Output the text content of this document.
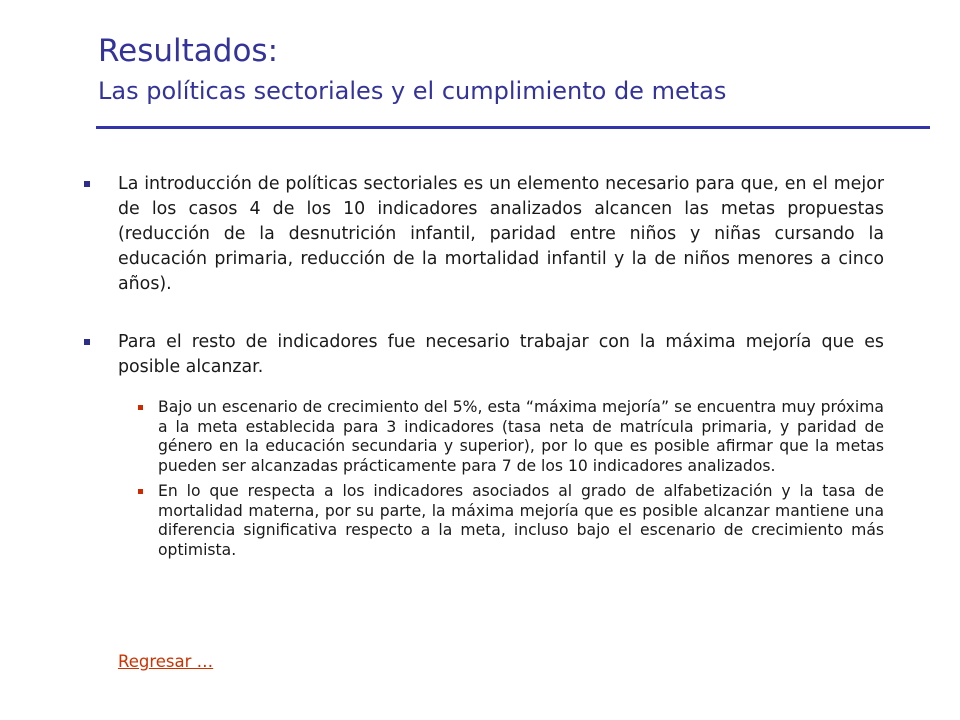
Resultados:
Las políticas sectoriales y el cumplimiento de metas

La introducción de políticas sectoriales es un elemento necesario para que, en el mejor de los casos 4 de los 10 indicadores analizados alcancen las metas propuestas (reducción de la desnutrición infantil, paridad entre niños y niñas cursando la educación primaria, reducción de la mortalidad infantil y la de niños menores a cinco años).

Para el resto de indicadores fue necesario trabajar con la máxima mejoría que es posible alcanzar.

Bajo un escenario de crecimiento del 5%, esta “máxima mejoría” se encuentra muy próxima a la meta establecida para 3 indicadores (tasa neta de matrícula primaria, y paridad de género en la educación secundaria y superior), por lo que es posible afirmar que la metas pueden ser alcanzadas prácticamente para 7 de los 10 indicadores analizados.

En lo que respecta a los indicadores asociados al grado de alfabetización y la tasa de mortalidad materna, por su parte, la máxima mejoría que es posible alcanzar mantiene una diferencia significativa respecto a la meta, incluso bajo el escenario de crecimiento más optimista.

Regresar …
